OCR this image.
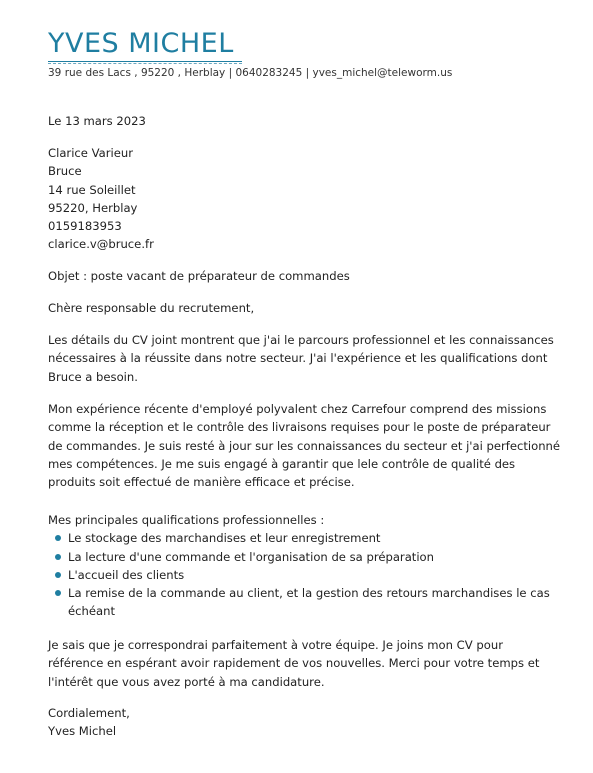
YVES MICHEL
39 rue des Lacs , 95220 , Herblay | 0640283245 | yves_michel@teleworm.us
Le 13 mars 2023
Clarice Varieur
Bruce
14 rue Soleillet
95220, Herblay
0159183953
clarice.v@bruce.fr
Objet : poste vacant de préparateur de commandes
Chère responsable du recrutement,
Les détails du CV joint montrent que j'ai le parcours professionnel et les connaissances
nécessaires à la réussite dans notre secteur. J'ai l'expérience et les qualifications dont
Bruce a besoin.
Mon expérience récente d'employé polyvalent chez Carrefour comprend des missions
comme la réception et le contrôle des livraisons requises pour le poste de préparateur
de commandes. Je suis resté à jour sur les connaissances du secteur et j'ai perfectionné
mes compétences. Je me suis engagé à garantir que lele contrôle de qualité des
produits soit effectué de manière efficace et précise.
Mes principales qualifications professionnelles :
Le stockage des marchandises et leur enregistrement
La lecture d'une commande et l'organisation de sa préparation
L'accueil des clients
La remise de la commande au client, et la gestion des retours marchandises le cas
échéant
Je sais que je correspondrai parfaitement à votre équipe. Je joins mon CV pour
référence en espérant avoir rapidement de vos nouvelles. Merci pour votre temps et
l'intérêt que vous avez porté à ma candidature.
Cordialement,
Yves Michel
